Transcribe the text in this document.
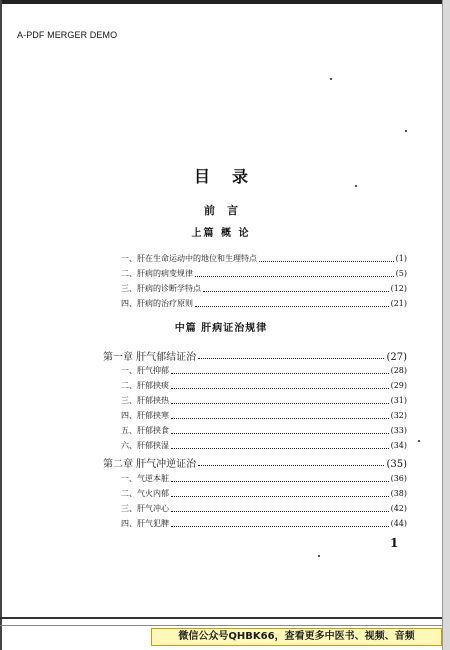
A-PDF MERGER DEMO
目录
前言
上篇 概 论
一、肝在生命运动中的地位和生理特点	(1)
二、肝病的病变规律	(5)
三、肝病的诊断学特点	(12)
四、肝病的治疗原则	(21)
中篇 肝病证治规律
第一章 肝气郁结证治	(27)
一、肝气抑郁	(28)
二、肝郁挟痰	(29)
三、肝郁挟热	(31)
四、肝郁挟寒	(32)
五、肝郁挟食	(33)
六、肝郁挟湿	(34)
第二章 肝气冲逆证治	(35)
一、气逆本脏	(36)
二、气火内郁	(38)
三、肝气冲心	(42)
四、肝气犯脾	(44)
1
微信公众号QHBK66，查看更多中医书、视频、音频
